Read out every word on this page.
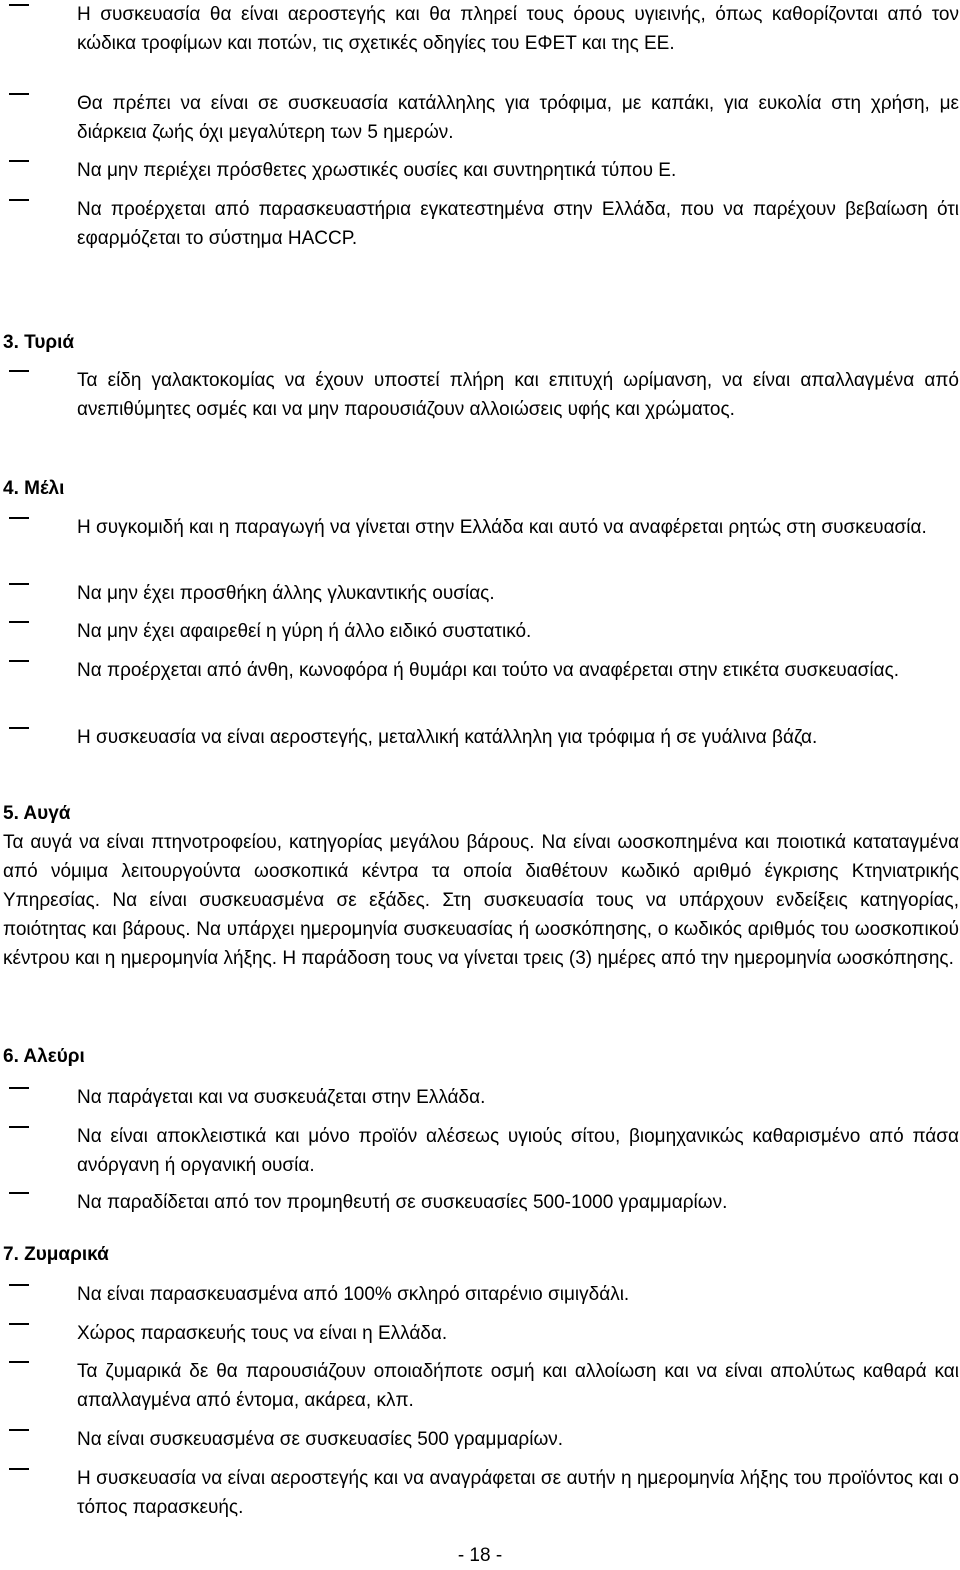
Η συσκευασία θα είναι αεροστεγής και θα πληρεί τους όρους υγιεινής, όπως καθορίζονται από τον κώδικα τροφίμων και ποτών, τις σχετικές οδηγίες του ΕΦΕΤ και της ΕΕ.
Θα πρέπει να είναι σε συσκευασία κατάλληλης για τρόφιμα, με καπάκι, για ευκολία στη χρήση, με διάρκεια ζωής όχι μεγαλύτερη των 5 ημερών.
Να μην περιέχει πρόσθετες χρωστικές ουσίες και συντηρητικά τύπου Ε.
Να προέρχεται από παρασκευαστήρια εγκατεστημένα στην Ελλάδα, που να παρέχουν βεβαίωση ότι εφαρμόζεται το σύστημα HACCP.
3. Τυριά
Τα είδη γαλακτοκομίας να έχουν υποστεί πλήρη και επιτυχή ωρίμανση, να είναι απαλλαγμένα από ανεπιθύμητες οσμές και να μην παρουσιάζουν αλλοιώσεις υφής και χρώματος.
4. Μέλι
Η συγκομιδή και η παραγωγή να γίνεται στην Ελλάδα και αυτό να αναφέρεται ρητώς στη συσκευασία.
Να μην έχει προσθήκη άλλης γλυκαντικής ουσίας.
Να μην έχει αφαιρεθεί η γύρη ή άλλο ειδικό συστατικό.
Να προέρχεται από άνθη, κωνοφόρα ή θυμάρι και τούτο να αναφέρεται στην ετικέτα συσκευασίας.
Η συσκευασία να είναι αεροστεγής, μεταλλική κατάλληλη για τρόφιμα ή σε γυάλινα βάζα.
5. Αυγά
Τα αυγά να είναι πτηνοτροφείου, κατηγορίας μεγάλου βάρους. Να είναι ωοσκοπημένα και ποιοτικά καταταγμένα από νόμιμα λειτουργούντα ωοσκοπικά κέντρα τα οποία διαθέτουν κωδικό αριθμό έγκρισης Κτηνιατρικής Υπηρεσίας. Να είναι συσκευασμένα σε εξάδες. Στη συσκευασία τους να υπάρχουν ενδείξεις κατηγορίας, ποιότητας και βάρους. Να υπάρχει ημερομηνία συσκευασίας ή ωοσκόπησης, ο κωδικός αριθμός του ωοσκοπικού κέντρου και η ημερομηνία λήξης. Η παράδοση τους να γίνεται τρεις (3) ημέρες από την ημερομηνία ωοσκόπησης.
6. Αλεύρι
Να παράγεται και να συσκευάζεται στην Ελλάδα.
Να είναι αποκλειστικά και μόνο προϊόν αλέσεως υγιούς σίτου, βιομηχανικώς καθαρισμένο από πάσα ανόργανη ή οργανική ουσία.
Να παραδίδεται από τον προμηθευτή σε συσκευασίες 500-1000 γραμμαρίων.
7. Ζυμαρικά
Να είναι παρασκευασμένα από 100% σκληρό σιταρένιο σιμιγδάλι.
Χώρος παρασκευής τους να είναι η Ελλάδα.
Τα ζυμαρικά δε θα παρουσιάζουν οποιαδήποτε οσμή και αλλοίωση και να είναι απολύτως καθαρά και απαλλαγμένα από έντομα, ακάρεα, κλπ.
Να είναι συσκευασμένα σε συσκευασίες 500 γραμμαρίων.
Η συσκευασία να είναι αεροστεγής και να αναγράφεται σε αυτήν η ημερομηνία λήξης του προϊόντος και ο τόπος παρασκευής.
- 18 -
